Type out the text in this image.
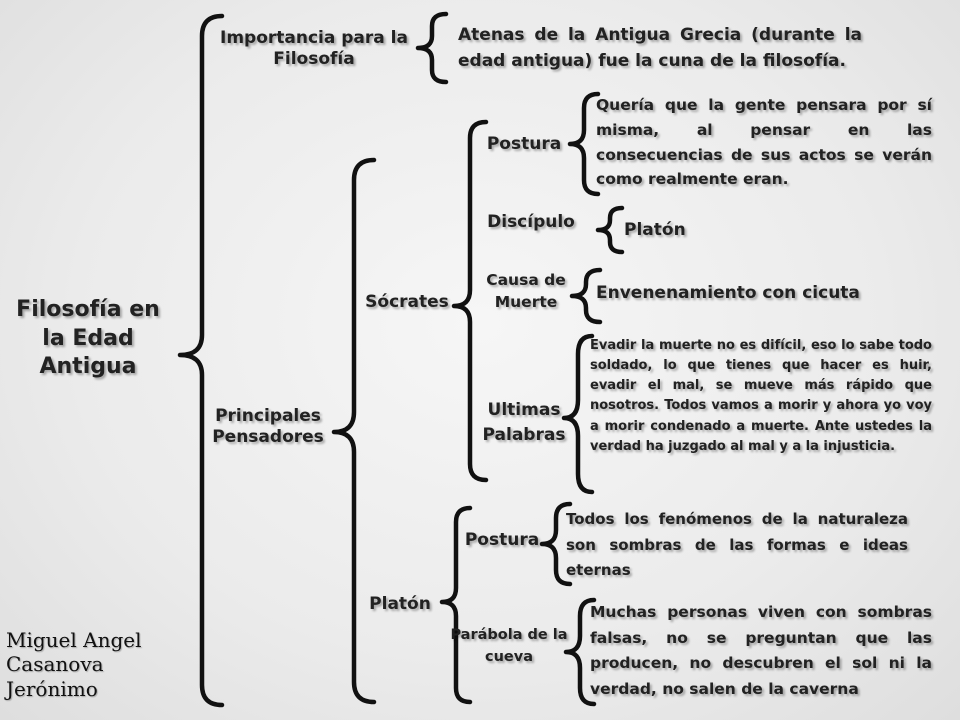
Filosofía en la Edad Antigua
Importancia para la Filosofía
Atenas de la Antigua Grecia (durante la edad antigua) fue la cuna de la filosofía.
Principales Pensadores
Sócrates
Postura
Quería que la gente pensara por sí misma, al pensar en las consecuencias de sus actos se verán como realmente eran.
Discípulo	Platón
Causa de Muerte	Envenenamiento con cicuta
Ultimas Palabras
Evadir la muerte no es difícil, eso lo sabe todo soldado, lo que tienes que hacer es huir, evadir el mal, se mueve más rápido que nosotros. Todos vamos a morir y ahora yo voy a morir condenado a muerte. Ante ustedes la verdad ha juzgado al mal y a la injusticia.
Platón
Postura
Todos los fenómenos de la naturaleza son sombras de las formas e ideas eternas
Parábola de la cueva
Muchas personas viven con sombras falsas, no se preguntan que las producen, no descubren el sol ni la verdad, no salen de la caverna
Miguel Angel Casanova Jerónimo
